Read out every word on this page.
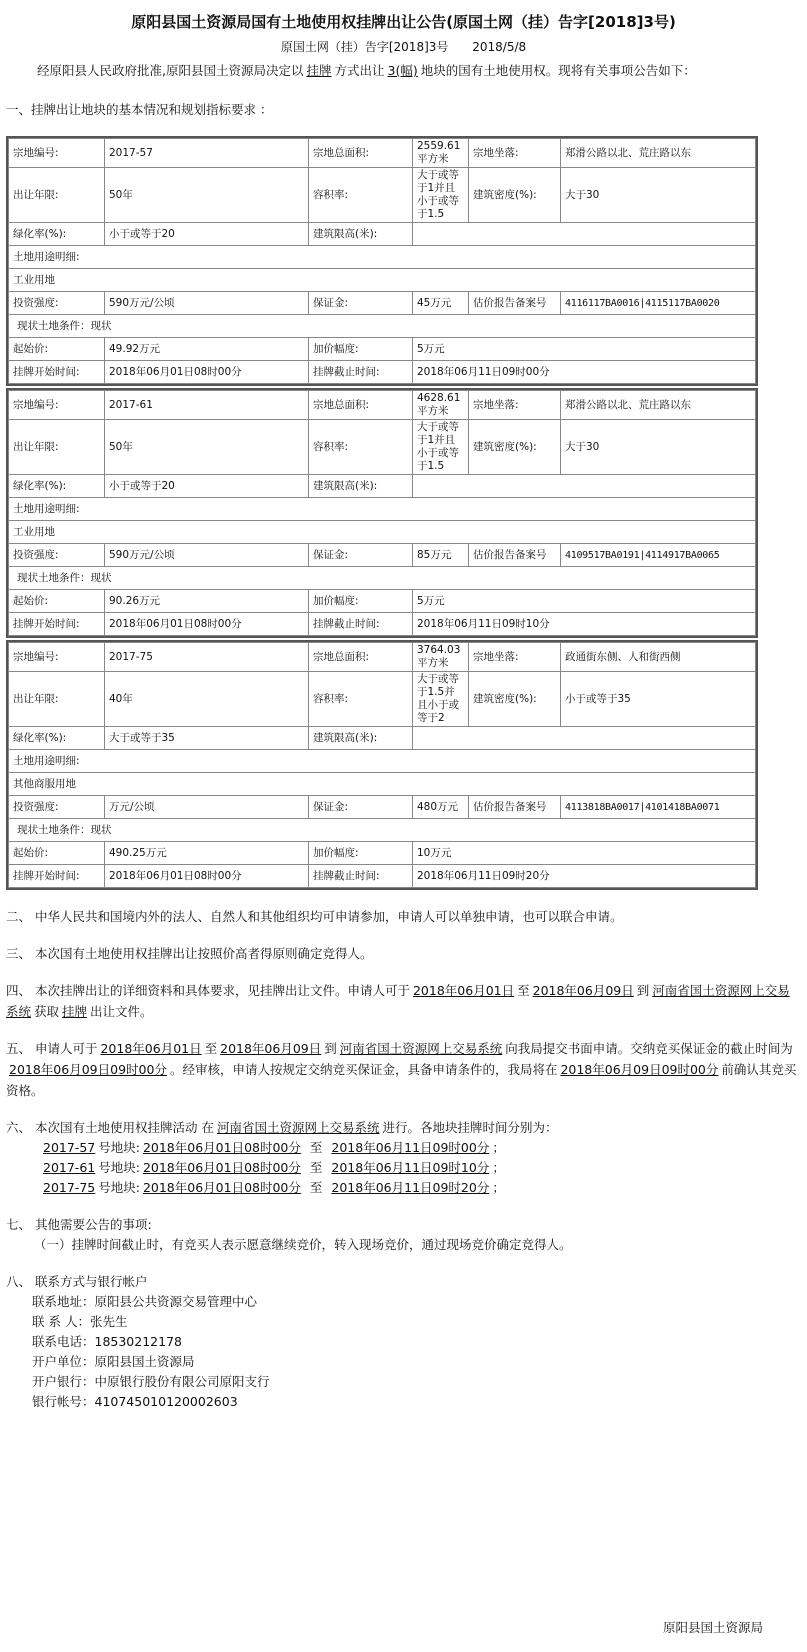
原阳县国土资源局国有土地使用权挂牌出让公告(原国土网（挂）告字[2018]3号)
原国土网（挂）告字[2018]3号 2018/5/8
经原阳县人民政府批准,原阳县国土资源局决定以 挂牌 方式出让 3(幅) 地块的国有土地使用权。现将有关事项公告如下：
一、挂牌出让地块的基本情况和规划指标要求 ：
宗地编号:	2017-57	宗地总面积:	2559.61 平方米	宗地坐落:	郑滑公路以北、荒庄路以东
出让年限:	50年	容积率:	大于或等于1并且小于或等于1.5	建筑密度(%):	大于30
绿化率(%):	小于或等于20	建筑限高(米):			
土地用途明细:					
工业用地					
投资强度:	590万元/公顷	保证金:	45万元	估价报告备案号	4116117BA0016|4115117BA0020
现状土地条件：现状					
起始价:	49.92万元	加价幅度:	5万元		
挂牌开始时间:	2018年06月01日08时00分	挂牌截止时间:	2018年06月11日09时00分		
宗地编号:	2017-61	宗地总面积:	4628.61 平方米	宗地坐落:	郑滑公路以北、荒庄路以东
出让年限:	50年	容积率:	大于或等于1并且小于或等于1.5	建筑密度(%):	大于30
绿化率(%):	小于或等于20	建筑限高(米):			
土地用途明细:					
工业用地					
投资强度:	590万元/公顷	保证金:	85万元	估价报告备案号	4109517BA0191|4114917BA0065
现状土地条件：现状					
起始价:	90.26万元	加价幅度:	5万元		
挂牌开始时间:	2018年06月01日08时00分	挂牌截止时间:	2018年06月11日09时10分		
宗地编号:	2017-75	宗地总面积:	3764.03 平方米	宗地坐落:	政通街东侧、人和街西侧
出让年限:	40年	容积率:	大于或等于1.5并且小于或等于2	建筑密度(%):	小于或等于35
绿化率(%):	大于或等于35	建筑限高(米):			
土地用途明细:					
其他商服用地					
投资强度:	万元/公顷	保证金:	480万元	估价报告备案号	4113818BA0017|4101418BA0071
现状土地条件：现状					
起始价:	490.25万元	加价幅度:	10万元		
挂牌开始时间:	2018年06月01日08时00分	挂牌截止时间:	2018年06月11日09时20分		
二、 中华人民共和国境内外的法人、自然人和其他组织均可申请参加，申请人可以单独申请，也可以联合申请。
三、 本次国有土地使用权挂牌出让按照价高者得原则确定竞得人。
四、 本次挂牌出让的详细资料和具体要求，见挂牌出让文件。申请人可于 2018年06月01日 至 2018年06月09日 到 河南省国土资源网上交易系统 获取 挂牌 出让文件。
五、 申请人可于 2018年06月01日 至 2018年06月09日 到 河南省国土资源网上交易系统 向我局提交书面申请。交纳竞买保证金的截止时间为2018年06月09日09时00分 。经审核，申请人按规定交纳竞买保证金，具备申请条件的，我局将在 2018年06月09日09时00分 前确认其竞买资格。
六、 本次国有土地使用权挂牌活动 在 河南省国土资源网上交易系统 进行。各地块挂牌时间分别为：
2017-57 号地块: 2018年06月01日08时00分 至 2018年06月11日09时00分 ；
2017-61 号地块: 2018年06月01日08时00分 至 2018年06月11日09时10分 ；
2017-75 号地块: 2018年06月01日08时00分 至 2018年06月11日09时20分 ；
七、 其他需要公告的事项:
（一）挂牌时间截止时，有竞买人表示愿意继续竞价，转入现场竞价，通过现场竞价确定竞得人。
八、 联系方式与银行帐户
联系地址：原阳县公共资源交易管理中心
联 系 人：张先生
联系电话：18530212178
开户单位：原阳县国土资源局
开户银行：中原银行股份有限公司原阳支行
银行帐号：410745010120002603
原阳县国土资源局
